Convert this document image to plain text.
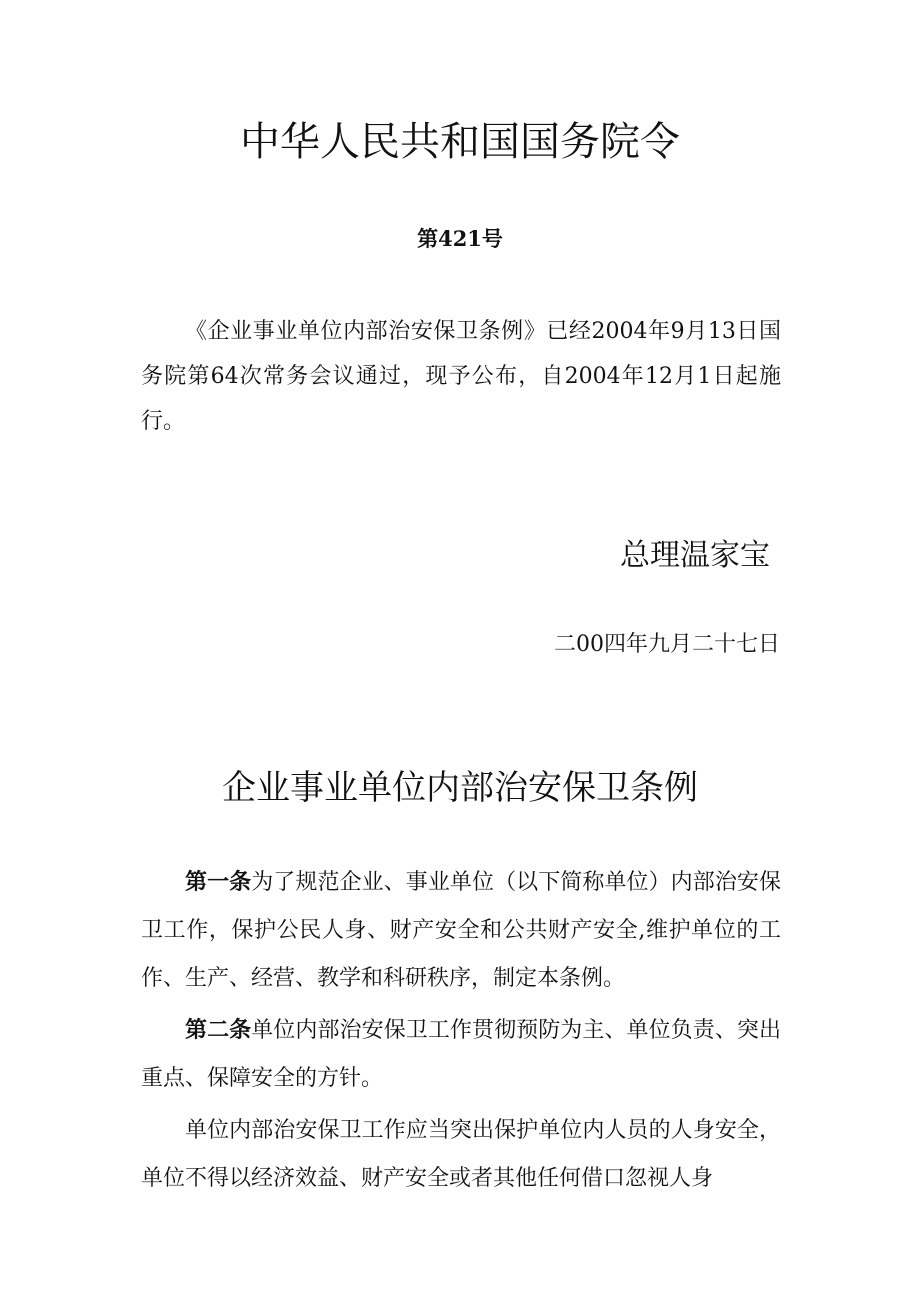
中华人民共和国国务院令

第421号

《企业事业单位内部治安保卫条例》已经2004年9月13日国务院第64次常务会议通过，现予公布，自2004年12月1日起施行。

总理温家宝

二00四年九月二十七日

企业事业单位内部治安保卫条例

第一条为了规范企业、事业单位（以下简称单位）内部治安保卫工作，保护公民人身、财产安全和公共财产安全,维护单位的工作、生产、经营、教学和科研秩序，制定本条例。

第二条单位内部治安保卫工作贯彻预防为主、单位负责、突出重点、保障安全的方针。

单位内部治安保卫工作应当突出保护单位内人员的人身安全，单位不得以经济效益、财产安全或者其他任何借口忽视人身
